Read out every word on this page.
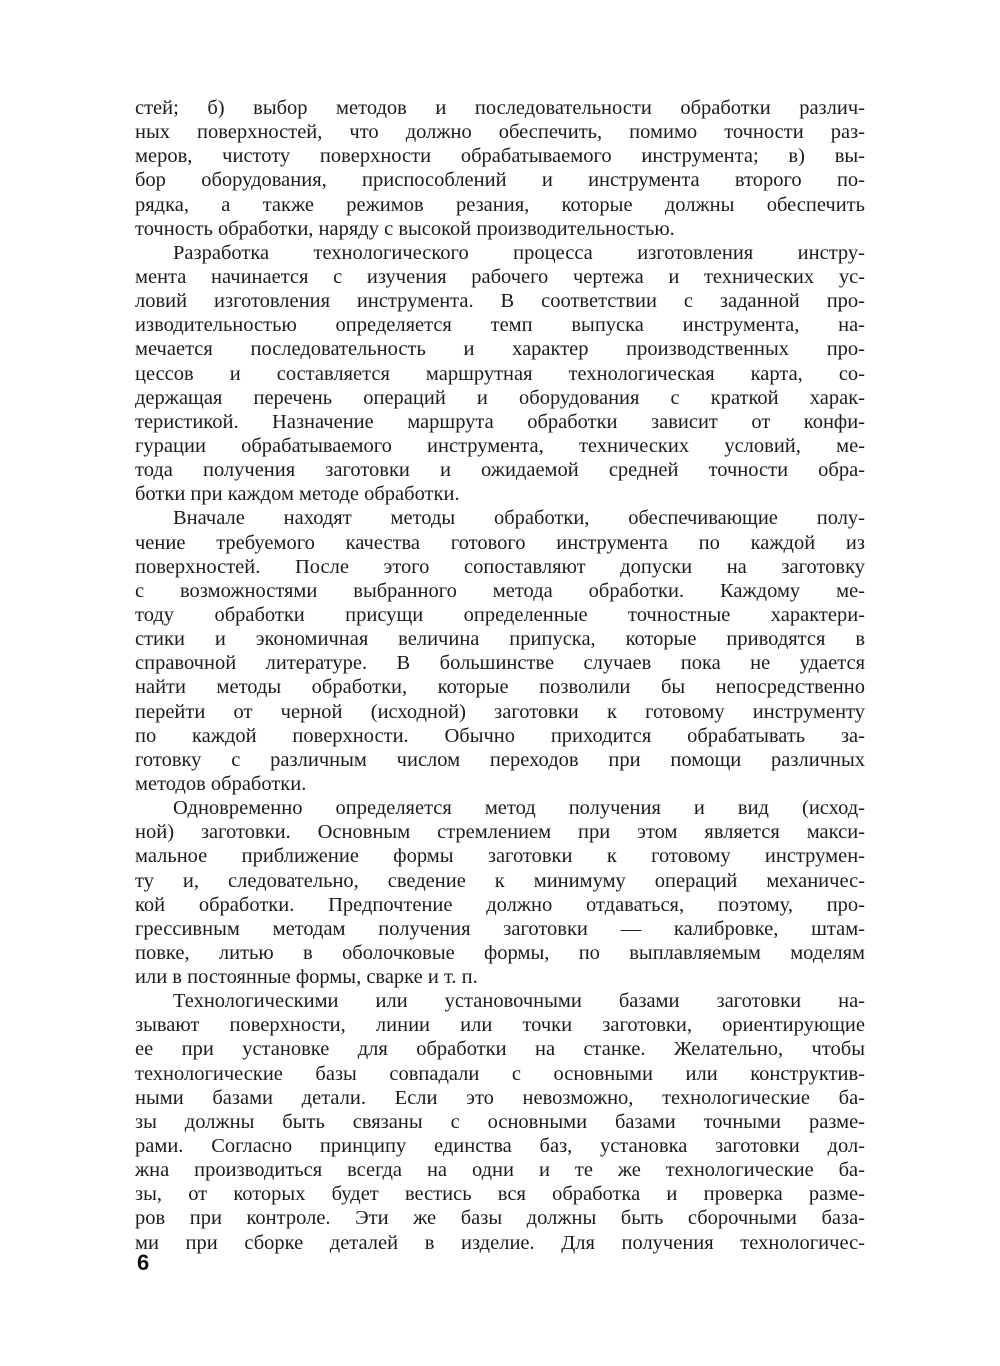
стей; б) выбор методов и последовательности обработки различ-
ных поверхностей, что должно обеспечить, помимо точности раз-
меров, чистоту поверхности обрабатываемого инструмента; в) вы-
бор оборудования, приспособлений и инструмента второго по-
рядка, а также режимов резания, которые должны обеспечить
точность обработки, наряду с высокой производительностью.
Разработка технологического процесса изготовления инстру-
мента начинается с изучения рабочего чертежа и технических ус-
ловий изготовления инструмента. В соответствии с заданной про-
изводительностью определяется темп выпуска инструмента, на-
мечается последовательность и характер производственных про-
цессов и составляется маршрутная технологическая карта, со-
держащая перечень операций и оборудования с краткой харак-
теристикой. Назначение маршрута обработки зависит от конфи-
гурации обрабатываемого инструмента, технических условий, ме-
тода получения заготовки и ожидаемой средней точности обра-
ботки при каждом методе обработки.
Вначале находят методы обработки, обеспечивающие полу-
чение требуемого качества готового инструмента по каждой из
поверхностей. После этого сопоставляют допуски на заготовку
с возможностями выбранного метода обработки. Каждому ме-
тоду обработки присущи определенные точностные характери-
стики и экономичная величина припуска, которые приводятся в
справочной литературе. В большинстве случаев пока не удается
найти методы обработки, которые позволили бы непосредственно
перейти от черной (исходной) заготовки к готовому инструменту
по каждой поверхности. Обычно приходится обрабатывать за-
готовку с различным числом переходов при помощи различных
методов обработки.
Одновременно определяется метод получения и вид (исход-
ной) заготовки. Основным стремлением при этом является макси-
мальное приближение формы заготовки к готовому инструмен-
ту и, следовательно, сведение к минимуму операций механичес-
кой обработки. Предпочтение должно отдаваться, поэтому, про-
грессивным методам получения заготовки — калибровке, штам-
повке, литью в оболочковые формы, по выплавляемым моделям
или в постоянные формы, сварке и т. п.
Технологическими или установочными базами заготовки на-
зывают поверхности, линии или точки заготовки, ориентирующие
ее при установке для обработки на станке. Желательно, чтобы
технологические базы совпадали с основными или конструктив-
ными базами детали. Если это невозможно, технологические ба-
зы должны быть связаны с основными базами точными разме-
рами. Согласно принципу единства баз, установка заготовки дол-
жна производиться всегда на одни и те же технологические ба-
зы, от которых будет вестись вся обработка и проверка разме-
ров при контроле. Эти же базы должны быть сборочными база-
ми при сборке деталей в изделие. Для получения технологичес-
6
